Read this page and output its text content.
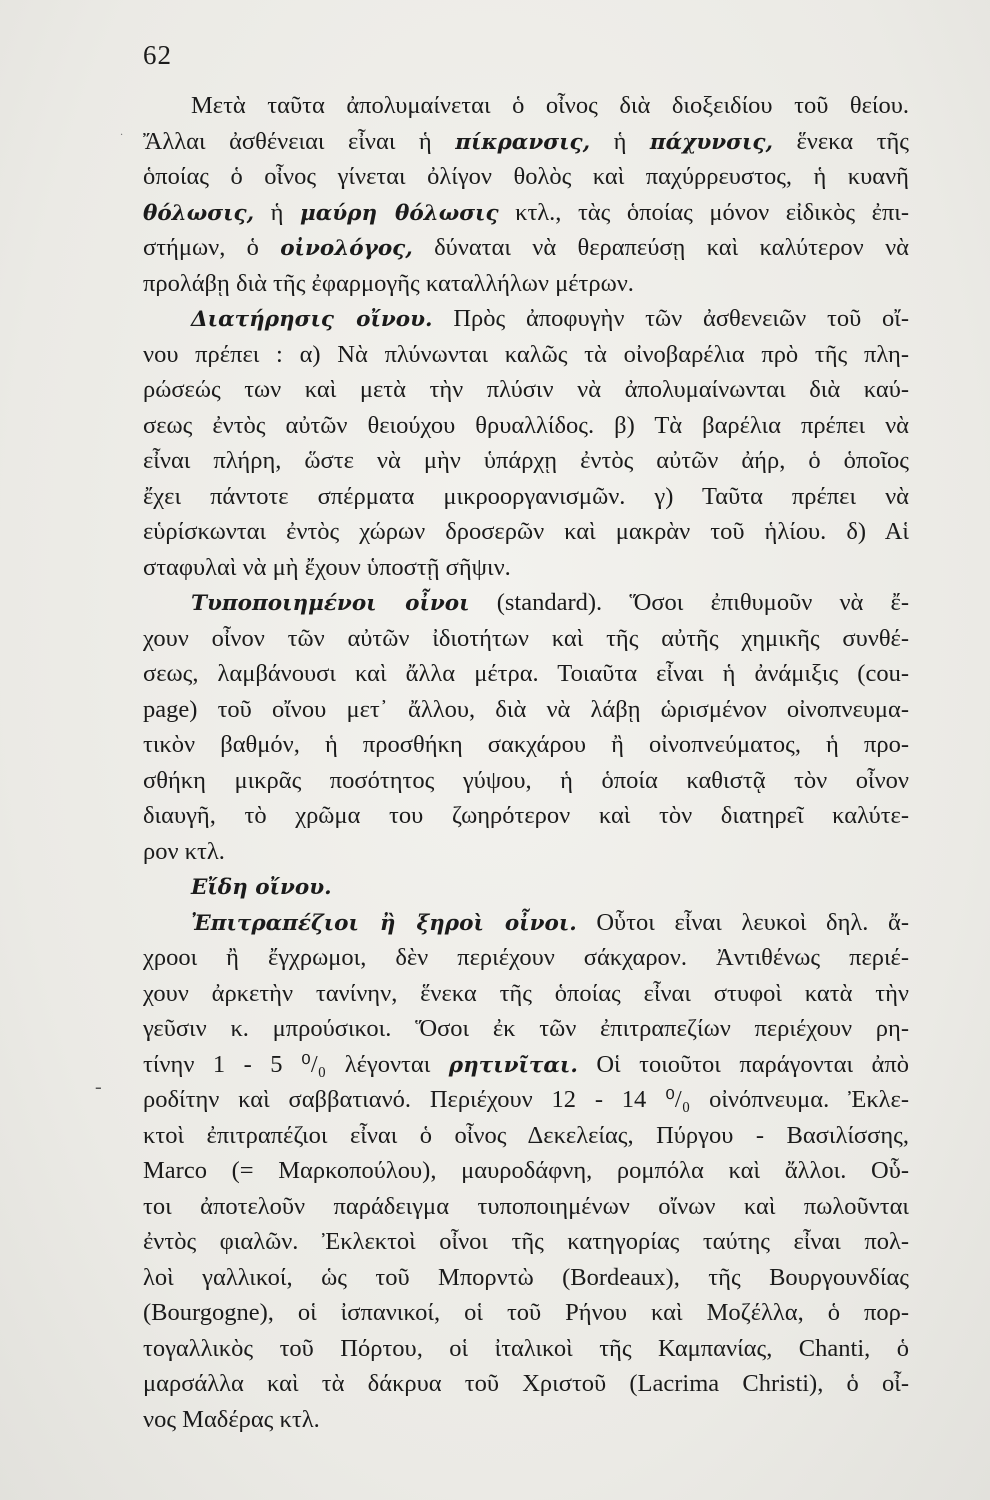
62
·
-
Μετὰ ταῦτα ἀπολυμαίνεται ὁ οἶνος διὰ διοξειδίου τοῦ θείου.
Ἄλλαι ἀσθένειαι εἶναι ἡ πίκρανσις, ἡ πάχυνσις, ἕνεκα τῆς
ὁποίας ὁ οἶνος γίνεται ὀλίγον θολὸς καὶ παχύρρευστος, ἡ κυανῆ
θόλωσις, ἡ μαύρη θόλωσις κτλ., τὰς ὁποίας μόνον εἰδικὸς ἐπι-
στήμων, ὁ οἰνολόγος, δύναται νὰ θεραπεύσῃ καὶ καλύτερον νὰ
προλάβῃ διὰ τῆς ἐφαρμογῆς καταλλήλων μέτρων.
Διατήρησις οἴνου. Πρὸς ἀποφυγὴν τῶν ἀσθενειῶν τοῦ οἴ-
νου πρέπει : α) Νὰ πλύνωνται καλῶς τὰ οἰνοβαρέλια πρὸ τῆς πλη-
ρώσεώς των καὶ μετὰ τὴν πλύσιν νὰ ἀπολυμαίνωνται διὰ καύ-
σεως ἐντὸς αὐτῶν θειούχου θρυαλλίδος. β) Τὰ βαρέλια πρέπει νὰ
εἶναι πλήρη, ὥστε νὰ μὴν ὑπάρχῃ ἐντὸς αὐτῶν ἀήρ, ὁ ὁποῖος
ἔχει πάντοτε σπέρματα μικροοργανισμῶν. γ) Ταῦτα πρέπει νὰ
εὑρίσκωνται ἐντὸς χώρων δροσερῶν καὶ μακρὰν τοῦ ἡλίου. δ) Αἱ
σταφυλαὶ νὰ μὴ ἔχουν ὑποστῇ σῆψιν.
Τυποποιημένοι οἶνοι (standard). Ὅσοι ἐπιθυμοῦν νὰ ἔ-
χουν οἶνον τῶν αὐτῶν ἰδιοτήτων καὶ τῆς αὐτῆς χημικῆς συνθέ-
σεως, λαμβάνουσι καὶ ἄλλα μέτρα. Τοιαῦτα εἶναι ἡ ἀνάμιξις (cou-
page) τοῦ οἴνου μετ᾽ ἄλλου, διὰ νὰ λάβῃ ὡρισμένον οἰνοπνευμα-
τικὸν βαθμόν, ἡ προσθήκη σακχάρου ἢ οἰνοπνεύματος, ἡ προ-
σθήκη μικρᾶς ποσότητος γύψου, ἡ ὁποία καθιστᾷ τὸν οἶνον
διαυγῆ, τὸ χρῶμα του ζωηρότερον καὶ τὸν διατηρεῖ καλύτε-
ρον κτλ.
Εἴδη οἴνου.
Ἐπιτραπέζιοι ἢ ξηροὶ οἶνοι. Οὗτοι εἶναι λευκοὶ δηλ. ἄ-
χροοι ἢ ἔγχρωμοι, δὲν περιέχουν σάκχαρον. Ἀντιθένως περιέ-
χουν ἀρκετὴν τανίνην, ἕνεκα τῆς ὁποίας εἶναι στυφοὶ κατὰ τὴν
γεῦσιν κ. μπρούσικοι. Ὅσοι ἐκ τῶν ἐπιτραπεζίων περιέχουν ρη-
τίνην 1 - 5 ⁰/₀ λέγονται ρητινῖται. Οἱ τοιοῦτοι παράγονται ἀπὸ
ροδίτην καὶ σαββατιανό. Περιέχουν 12 - 14 ⁰/₀ οἰνόπνευμα. Ἐκλε-
κτοὶ ἐπιτραπέζιοι εἶναι ὁ οἶνος Δεκελείας, Πύργου - Βασιλίσσης,
Marco (= Μαρκοπούλου), μαυροδάφνη, ρομπόλα καὶ ἄλλοι. Οὗ-
τοι ἀποτελοῦν παράδειγμα τυποποιημένων οἴνων καὶ πωλοῦνται
ἐντὸς φιαλῶν. Ἐκλεκτοὶ οἶνοι τῆς κατηγορίας ταύτης εἶναι πολ-
λοὶ γαλλικοί, ὡς τοῦ Μπορντὼ (Bordeaux), τῆς Βουργουνδίας
(Bourgogne), οἱ ἰσπανικοί, οἱ τοῦ Ρήνου καὶ Μοζέλλα, ὁ πορ-
τογαλλικὸς τοῦ Πόρτου, οἱ ἰταλικοὶ τῆς Καμπανίας, Chanti, ὁ
μαρσάλλα καὶ τὰ δάκρυα τοῦ Χριστοῦ (Lacrima Christi), ὁ οἶ-
νος Μαδέρας κτλ.
